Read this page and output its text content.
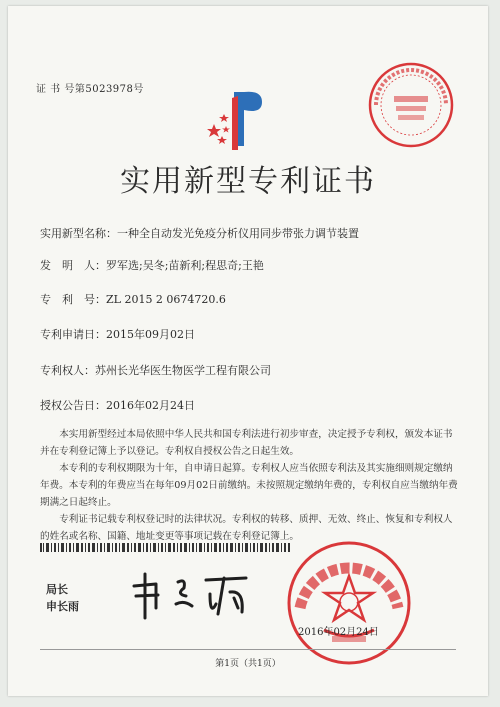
证 书 号第5023978号
实用新型专利证书
实用新型名称：一种全自动发光免疫分析仪用同步带张力调节装置
发　明　人：罗军选;吴冬;苗新利;程思奇;王艳
专　利　号：ZL 2015 2 0674720.6
专利申请日：2015年09月02日
专利权人：苏州长光华医生物医学工程有限公司
授权公告日：2016年02月24日

本实用新型经过本局依照中华人民共和国专利法进行初步审查，决定授予专利权，颁发本证书并在专利登记簿上予以登记。专利权自授权公告之日起生效。

本专利的专利权期限为十年，自申请日起算。专利权人应当依照专利法及其实施细则规定缴纳年费。本专利的年费应当在每年09月02日前缴纳。未按照规定缴纳年费的，专利权自应当缴纳年费期满之日起终止。

专利证书记载专利权登记时的法律状况。专利权的转移、质押、无效、终止、恢复和专利权人的姓名或名称、国籍、地址变更等事项记载在专利登记簿上。

局长
申长雨
2016年02月24日
第1页（共1页）
